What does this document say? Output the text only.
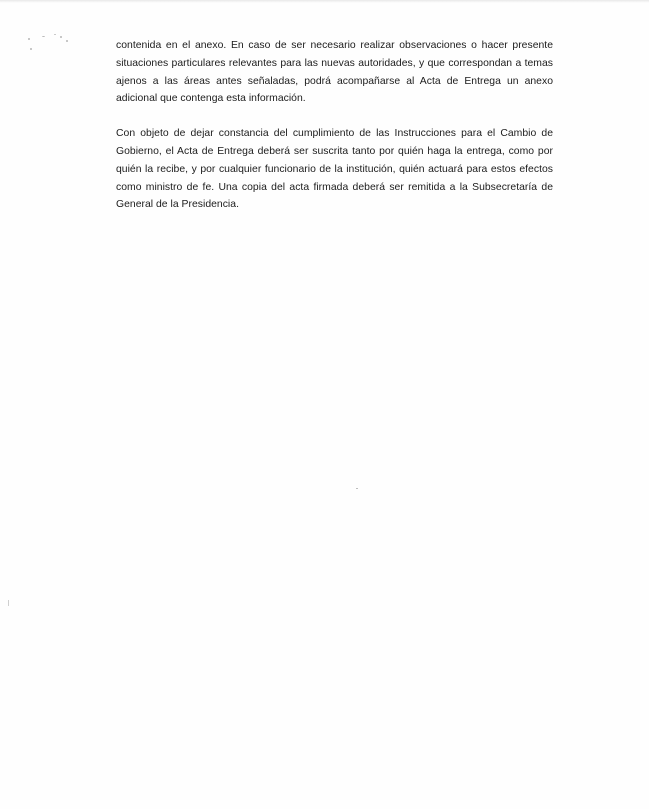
contenida en el anexo. En caso de ser necesario realizar observaciones o hacer presente situaciones particulares relevantes para las nuevas autoridades, y que correspondan a temas ajenos a las áreas antes señaladas, podrá acompañarse al Acta de Entrega un anexo adicional que contenga esta información.

Con objeto de dejar constancia del cumplimiento de las Instrucciones para el Cambio de Gobierno, el Acta de Entrega deberá ser suscrita tanto por quién haga la entrega, como por quién la recibe, y por cualquier funcionario de la institución, quién actuará para estos efectos como ministro de fe. Una copia del acta firmada deberá ser remitida a la Subsecretaría de General de la Presidencia.
